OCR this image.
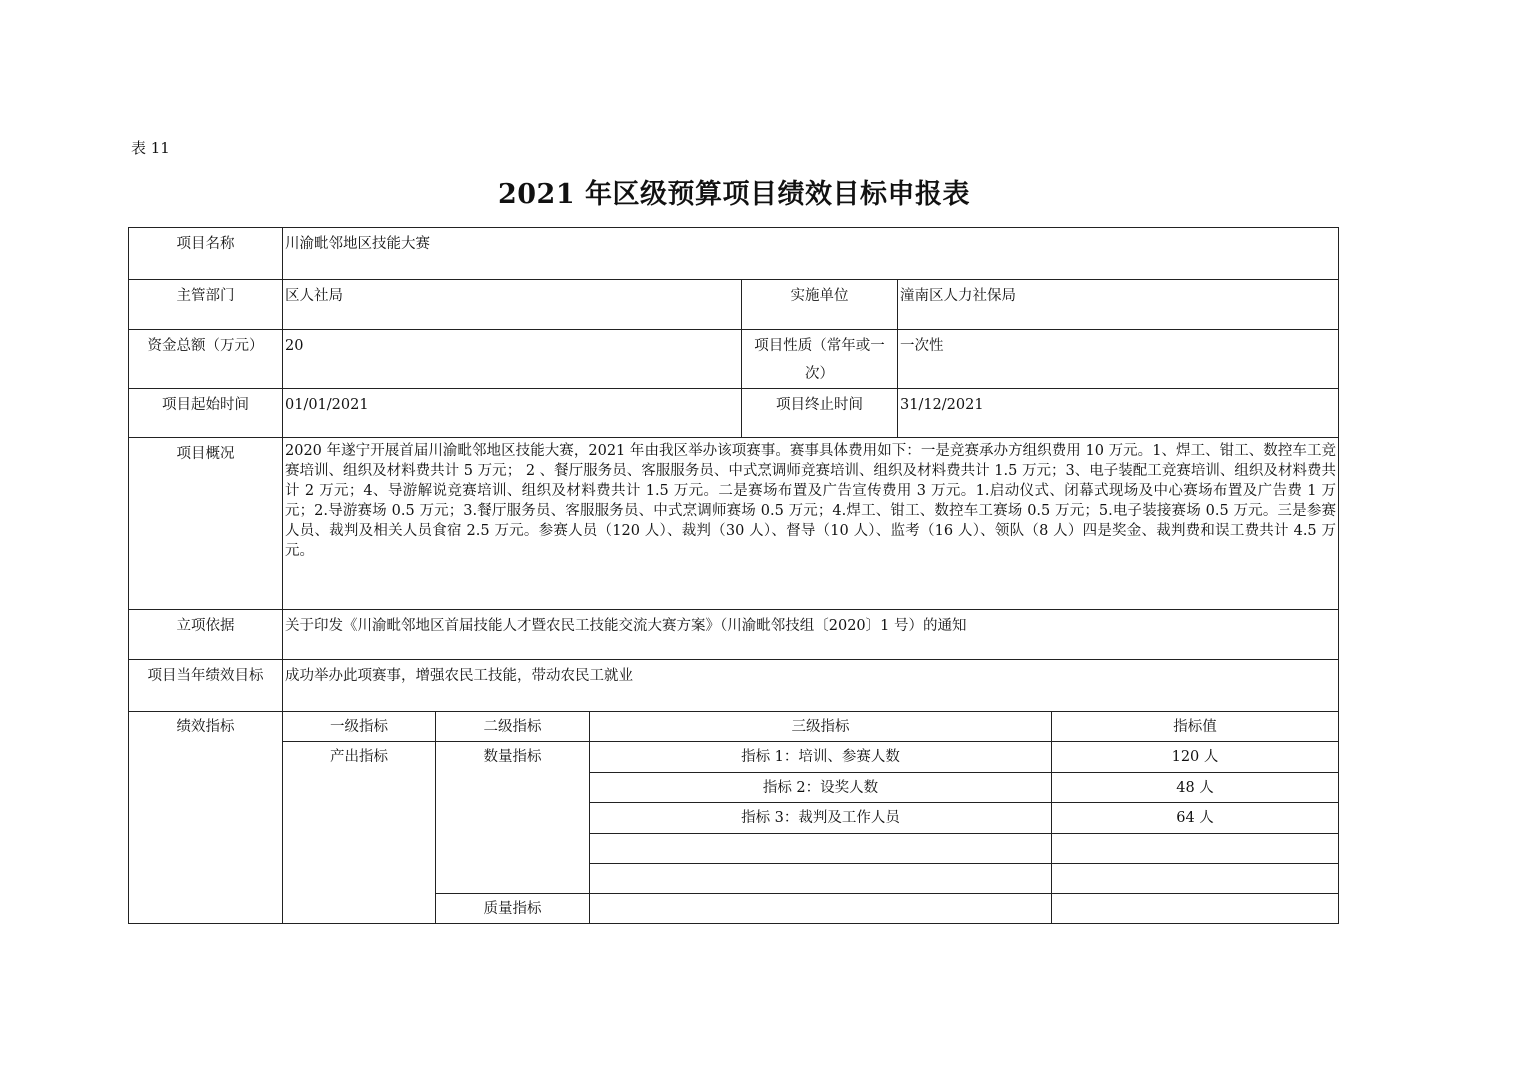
表 11
2021 年区级预算项目绩效目标申报表
项目名称	川渝毗邻地区技能大赛					
主管部门	区人社局			实施单位	潼南区人力社保局	
资金总额（万元）	20			项目性质（常年或一次）	一次性	
项目起始时间	01/01/2021			项目终止时间	31/12/2021	
项目概况	2020 年遂宁开展首届川渝毗邻地区技能大赛，2021 年由我区举办该项赛事。赛事具体费用如下：一是竞赛承办方组织费用 10 万元。1、焊工、钳工、数控车工竞赛培训、组织及材料费共计 5 万元； 2 、餐厅服务员、客服服务员、中式烹调师竞赛培训、组织及材料费共计 1.5 万元；3、电子装配工竞赛培训、组织及材料费共计 2 万元；4、导游解说竞赛培训、组织及材料费共计 1.5 万元。二是赛场布置及广告宣传费用 3 万元。1.启动仪式、闭幕式现场及中心赛场布置及广告费 1 万元；2.导游赛场 0.5 万元；3.餐厅服务员、客服服务员、中式烹调师赛场 0.5 万元；4.焊工、钳工、数控车工赛场 0.5 万元；5.电子装接赛场 0.5 万元。三是参赛人员、裁判及相关人员食宿 2.5 万元。参赛人员（120 人）、裁判（30 人）、督导（10 人）、监考（16 人）、领队（8 人）四是奖金、裁判费和误工费共计 4.5 万元。					
立项依据	关于印发《川渝毗邻地区首届技能人才暨农民工技能交流大赛方案》（川渝毗邻技组〔2020〕1 号）的通知					
项目当年绩效目标	成功举办此项赛事，增强农民工技能，带动农民工就业					
绩效指标	一级指标	二级指标	三级指标			指标值
	产出指标	数量指标	指标 1：培训、参赛人数			120 人
			指标 2：设奖人数			48 人
			指标 3：裁判及工作人员			64 人

		质量指标				
